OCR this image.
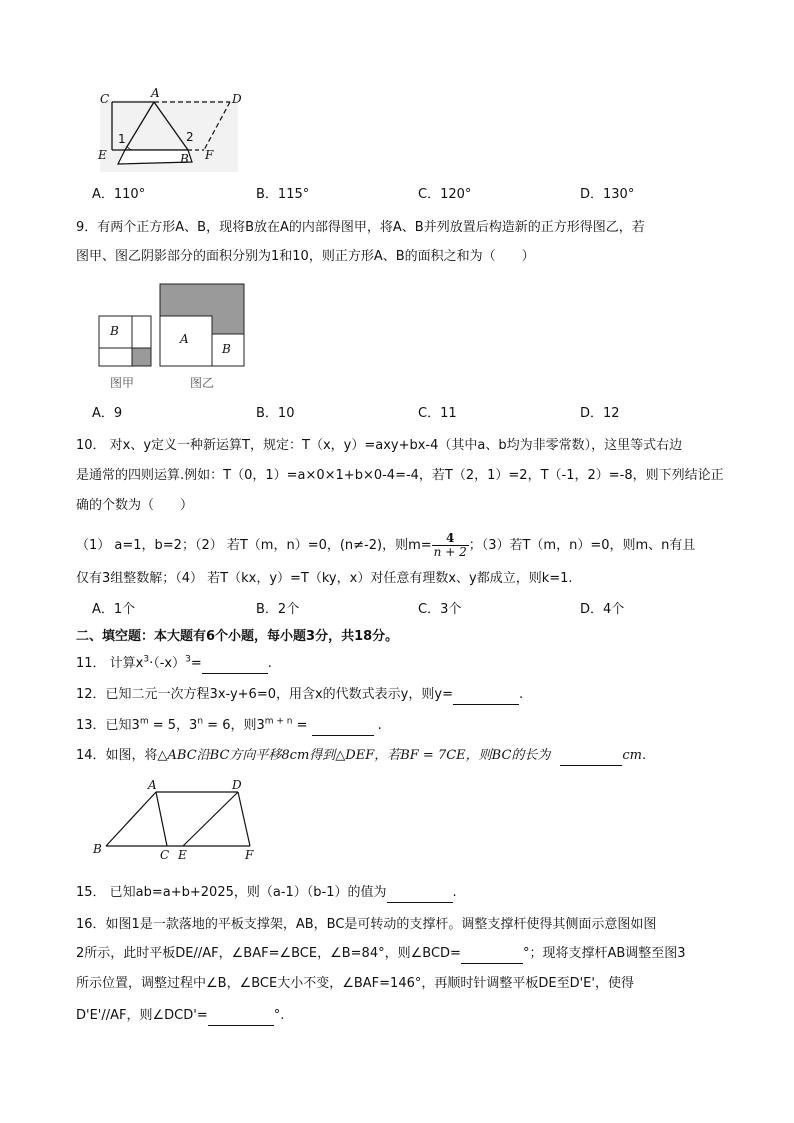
C	A	D
E	B F
1	2
A．110°	B．115°	C．120°	D．130°
9．有两个正方形A、B，现将B放在A的内部得图甲，将A、B并列放置后构造新的正方形得图乙，若
图甲、图乙阴影部分的面积分别为1和10，则正方形A、B的面积之和为（　　）
B
A
B
图甲	图乙
A．9	B．10	C．11	D．12
10． 对x、y定义一种新运算T，规定：T（x，y）=axy+bx-4（其中a、b均为非零常数），这里等式右边
是通常的四则运算.例如：T（0，1）=a×0×1+b×0-4=-4，若T（2，1）=2，T（-1，2）=-8，则下列结论正
确的个数为（　　）
（1） a=1，b=2；（2） 若T（m，n）=0，(n≠-2)，则$m= \frac{4}{n + 2}$ ；（3）若T（m，n）=0，则m、n有且
仅有3组整数解；（4） 若T（kx，y）=T（ky，x）对任意有理数x、y都成立，则k=1.
A．1个	B．2个	C．3个	D．4个
二、填空题：本大题有6个小题，每小题3分，共18分。
11． 计算$x^3\cdot(-x)^3=$	.
12．已知二元一次方程3x-y+6=0，用含x的代数式表示y，则y=	.
13．已知$3^m = 5$，$3^n = 6$，则$3^{m + n}$ =	.
14．如图，将△ABC沿BC方向平移8cm得到△DEF，若BF = 7CE，则BC的长为	cm.
A	D
B	C E	F
15． 已知ab=a+b+2025，则（a-1）（b-1）的值为	.
16．如图1是一款落地的平板支撑架，AB，BC是可转动的支撑杆。调整支撑杆使得其侧面示意图如图
2所示，此时平板DE//AF，∠BAF=∠BCE，∠B=84°，则∠BCD=	°；现将支撑杆AB调整至图3
所示位置，调整过程中∠B，∠BCE大小不变，∠BAF=146°，再顺时针调整平板DE至D'E'，使得
D'E'//AF，则∠DCD'=	°.
